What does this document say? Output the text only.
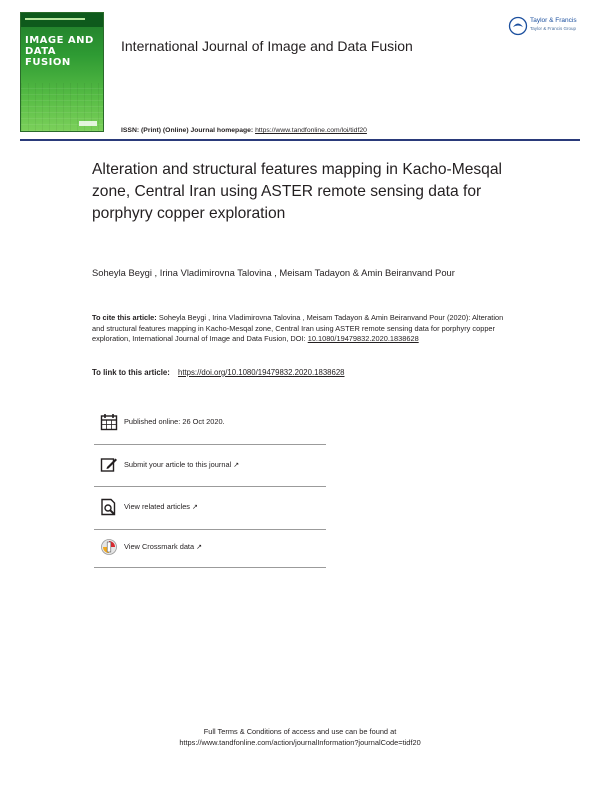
IMAGE AND
DATA
FUSION
International Journal of Image and Data Fusion
Taylor & Francis
Taylor & Francis Group
ISSN: (Print) (Online) Journal homepage: https://www.tandfonline.com/loi/tidf20
Alteration and structural features mapping in Kacho-Mesqal zone, Central Iran using ASTER remote sensing data for porphyry copper exploration
Soheyla Beygi , Irina Vladimirovna Talovina , Meisam Tadayon & Amin Beiranvand Pour
To cite this article: Soheyla Beygi , Irina Vladimirovna Talovina , Meisam Tadayon & Amin Beiranvand Pour (2020): Alteration and structural features mapping in Kacho-Mesqal zone, Central Iran using ASTER remote sensing data for porphyry copper exploration, International Journal of Image and Data Fusion, DOI: 10.1080/19479832.2020.1838628
To link to this article: https://doi.org/10.1080/19479832.2020.1838628
Published online: 26 Oct 2020.
Submit your article to this journal ↗
View related articles ↗
View Crossmark data ↗
Full Terms & Conditions of access and use can be found at
https://www.tandfonline.com/action/journalInformation?journalCode=tidf20
